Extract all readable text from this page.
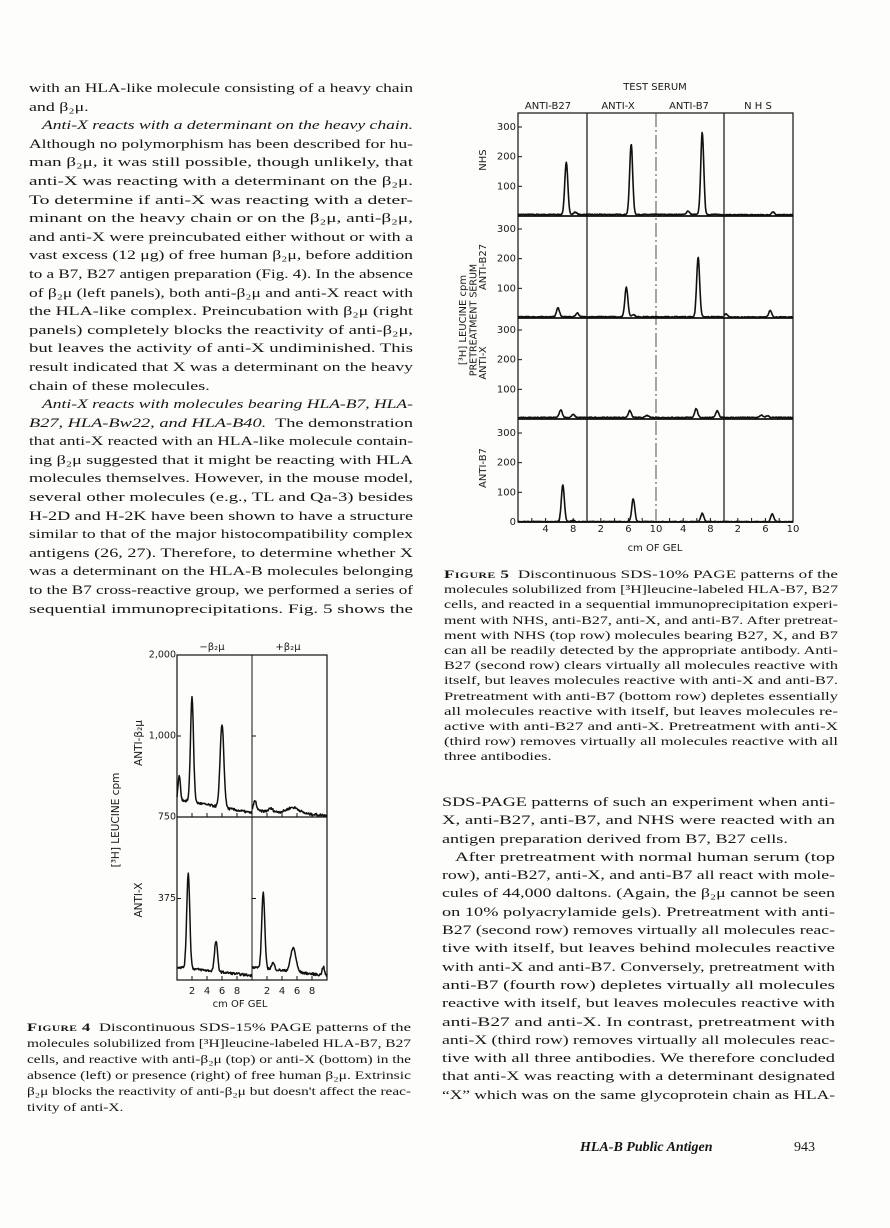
with an HLA-like molecule consisting of a heavy chain
and β₂μ.
Anti-X reacts with a determinant on the heavy chain.
Although no polymorphism has been described for hu-
man β₂μ, it was still possible, though unlikely, that
anti-X was reacting with a determinant on the β₂μ.
To determine if anti-X was reacting with a deter-
minant on the heavy chain or on the β₂μ, anti-β₂μ,
and anti-X were preincubated either without or with a
vast excess (12 μg) of free human β₂μ, before addition
to a B7, B27 antigen preparation (Fig. 4). In the absence
of β₂μ (left panels), both anti-β₂μ and anti-X react with
the HLA-like complex. Preincubation with β₂μ (right
panels) completely blocks the reactivity of anti-β₂μ,
but leaves the activity of anti-X undiminished. This
result indicated that X was a determinant on the heavy
chain of these molecules.
Anti-X reacts with molecules bearing HLA-B7, HLA-
B27, HLA-Bw22, and HLA-B40.  The demonstration
that anti-X reacted with an HLA-like molecule contain-
ing β₂μ suggested that it might be reacting with HLA
molecules themselves. However, in the mouse model,
several other molecules (e.g., TL and Qa-3) besides
H-2D and H-2K have been shown to have a structure
similar to that of the major histocompatibility complex
antigens (26, 27). Therefore, to determine whether X
was a determinant on the HLA-B molecules belonging
to the B7 cross-reactive group, we performed a series of
sequential immunoprecipitations. Fig. 5 shows the
SDS-PAGE patterns of such an experiment when anti-
X, anti-B27, anti-B7, and NHS were reacted with an
antigen preparation derived from B7, B27 cells.
After pretreatment with normal human serum (top
row), anti-B27, anti-X, and anti-B7 all react with mole-
cules of 44,000 daltons. (Again, the β₂μ cannot be seen
on 10% polyacrylamide gels). Pretreatment with anti-
B27 (second row) removes virtually all molecules reac-
tive with itself, but leaves behind molecules reactive
with anti-X and anti-B7. Conversely, pretreatment with
anti-B7 (fourth row) depletes virtually all molecules
reactive with itself, but leaves molecules reactive with
anti-B27 and anti-X. In contrast, pretreatment with
anti-X (third row) removes virtually all molecules reac-
tive with all three antibodies. We therefore concluded
that anti-X was reacting with a determinant designated
“X” which was on the same glycoprotein chain as HLA-
Figure 5  Discontinuous SDS-10% PAGE patterns of the
molecules solubilized from [³H]leucine-labeled HLA-B7, B27
cells, and reacted in a sequential immunoprecipitation experi-
ment with NHS, anti-B27, anti-X, and anti-B7. After pretreat-
ment with NHS (top row) molecules bearing B27, X, and B7
can all be readily detected by the appropriate antibody. Anti-
B27 (second row) clears virtually all molecules reactive with
itself, but leaves molecules reactive with anti-X and anti-B7.
Pretreatment with anti-B7 (bottom row) depletes essentially
all molecules reactive with itself, but leaves molecules re-
active with anti-B27 and anti-X. Pretreatment with anti-X
(third row) removes virtually all molecules reactive with all
three antibodies.
Figure 4  Discontinuous SDS-15% PAGE patterns of the
molecules solubilized from [³H]leucine-labeled HLA-B7, B27
cells, and reactive with anti-β₂μ (top) or anti-X (bottom) in the
absence (left) or presence (right) of free human β₂μ. Extrinsic
β₂μ blocks the reactivity of anti-β₂μ but doesn't affect the reac-
tivity of anti-X.
HLA-B Public Antigen	943
TEST SERUM
ANTI-B27	ANTI-X	ANTI-B7	N H S
NHS
100
200
300
ANTI-B27 100
200
300
ANTI-X
100
200
300
ANTI-B7
100
200
300
0
4 8 2 6 10 4 8 2 6 10
cm OF GEL
[³H] LEUCINE cpm PRETREATMENT SERUM
−β₂μ	+β₂μ
ANTI-β₂μ 1,000
2,000
ANTI-X 375
750
2 4 6 8 2 4 6 8
cm OF GEL
[³H] LEUCINE cpm
